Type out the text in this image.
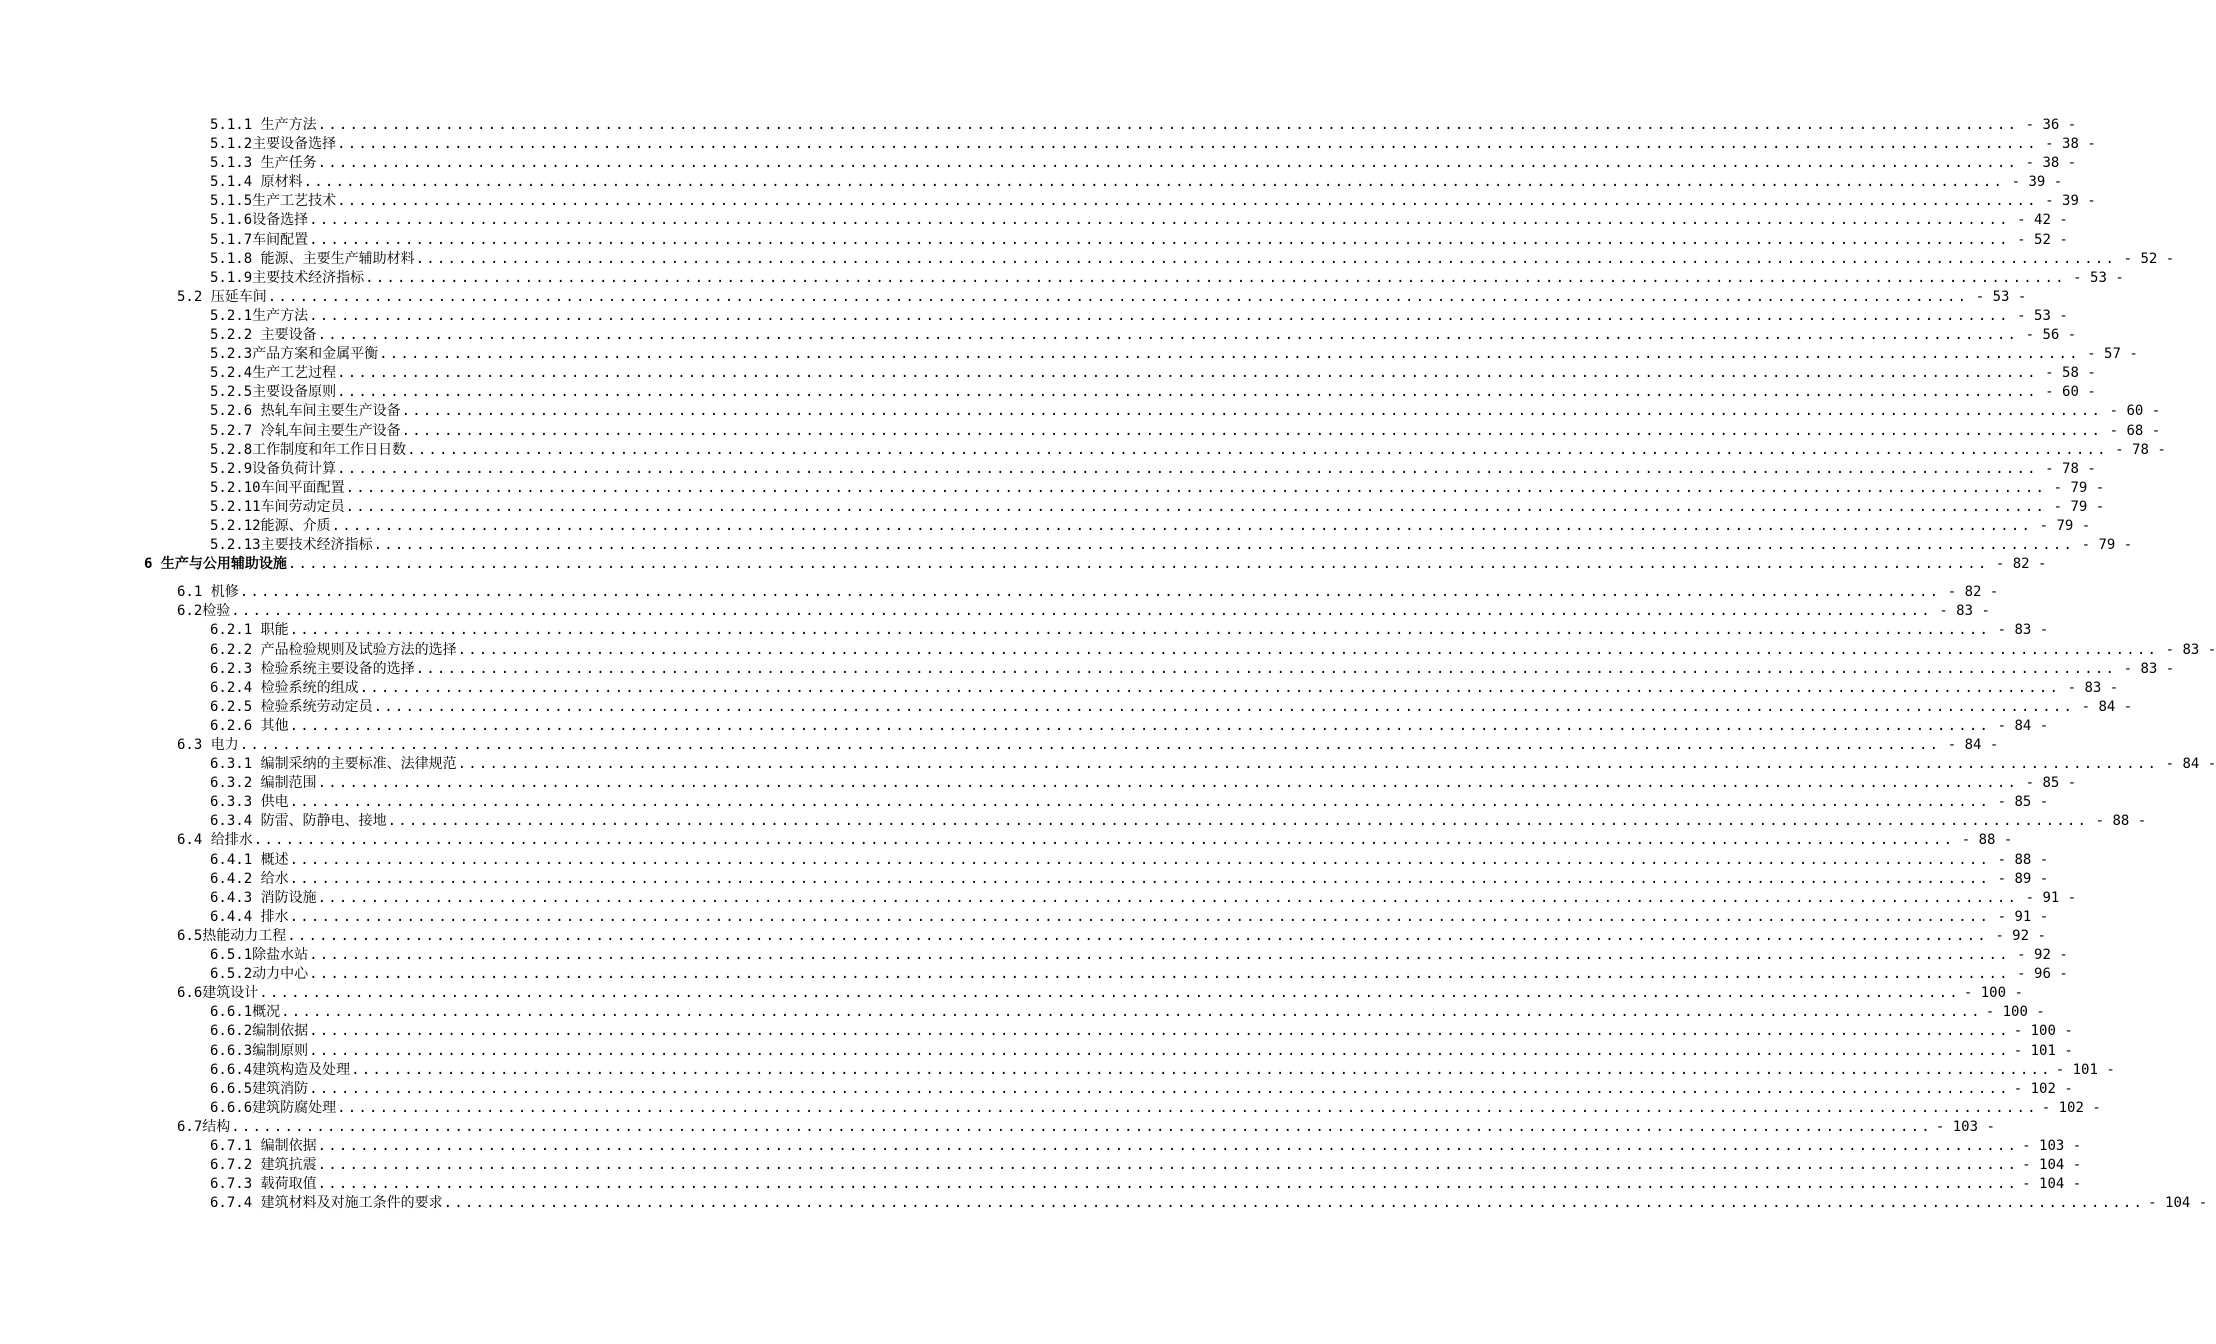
5.1.1 生产方法 ................................................................................................................................................................ - 36 -
5.1.2主要设备选择 ................................................................................................................................................................ - 38 -
5.1.3 生产任务 ................................................................................................................................................................ - 38 -
5.1.4 原材料 ................................................................................................................................................................ - 39 -
5.1.5生产工艺技术 ................................................................................................................................................................ - 39 -
5.1.6设备选择 ................................................................................................................................................................ - 42 -
5.1.7车间配置 ................................................................................................................................................................ - 52 -
5.1.8 能源、主要生产辅助材料 ................................................................................................................................................................ - 52 -
5.1.9主要技术经济指标 ................................................................................................................................................................ - 53 -
5.2 压延车间 ................................................................................................................................................................ - 53 -
5.2.1生产方法 ................................................................................................................................................................ - 53 -
5.2.2 主要设备 ................................................................................................................................................................ - 56 -
5.2.3产品方案和金属平衡 ................................................................................................................................................................ - 57 -
5.2.4生产工艺过程 ................................................................................................................................................................ - 58 -
5.2.5主要设备原则 ................................................................................................................................................................ - 60 -
5.2.6 热轧车间主要生产设备 ................................................................................................................................................................ - 60 -
5.2.7 冷轧车间主要生产设备 ................................................................................................................................................................ - 68 -
5.2.8工作制度和年工作日日数 ................................................................................................................................................................ - 78 -
5.2.9设备负荷计算 ................................................................................................................................................................ - 78 -
5.2.10车间平面配置 ................................................................................................................................................................ - 79 -
5.2.11车间劳动定员 ................................................................................................................................................................ - 79 -
5.2.12能源、介质 ................................................................................................................................................................ - 79 -
5.2.13主要技术经济指标 ................................................................................................................................................................ - 79 -
6 生产与公用辅助设施 ................................................................................................................................................................ - 82 -
6.1 机修 ................................................................................................................................................................ - 82 -
6.2检验 ................................................................................................................................................................ - 83 -
6.2.1 职能 ................................................................................................................................................................ - 83 -
6.2.2 产品检验规则及试验方法的选择 ................................................................................................................................................................ - 83 -
6.2.3 检验系统主要设备的选择 ................................................................................................................................................................ - 83 -
6.2.4 检验系统的组成 ................................................................................................................................................................ - 83 -
6.2.5 检验系统劳动定员 ................................................................................................................................................................ - 84 -
6.2.6 其他 ................................................................................................................................................................ - 84 -
6.3 电力 ................................................................................................................................................................ - 84 -
6.3.1 编制采纳的主要标准、法律规范 ................................................................................................................................................................ - 84 -
6.3.2 编制范围 ................................................................................................................................................................ - 85 -
6.3.3 供电 ................................................................................................................................................................ - 85 -
6.3.4 防雷、防静电、接地 ................................................................................................................................................................ - 88 -
6.4 给排水 ................................................................................................................................................................ - 88 -
6.4.1 概述 ................................................................................................................................................................ - 88 -
6.4.2 给水 ................................................................................................................................................................ - 89 -
6.4.3 消防设施 ................................................................................................................................................................ - 91 -
6.4.4 排水 ................................................................................................................................................................ - 91 -
6.5热能动力工程 ................................................................................................................................................................ - 92 -
6.5.1除盐水站 ................................................................................................................................................................ - 92 -
6.5.2动力中心 ................................................................................................................................................................ - 96 -
6.6建筑设计 ................................................................................................................................................................ - 100 -
6.6.1概况 ................................................................................................................................................................ - 100 -
6.6.2编制依据 ................................................................................................................................................................ - 100 -
6.6.3编制原则 ................................................................................................................................................................ - 101 -
6.6.4建筑构造及处理 ................................................................................................................................................................ - 101 -
6.6.5建筑消防 ................................................................................................................................................................ - 102 -
6.6.6建筑防腐处理 ................................................................................................................................................................ - 102 -
6.7结构 ................................................................................................................................................................ - 103 -
6.7.1 编制依据 ................................................................................................................................................................ - 103 -
6.7.2 建筑抗震 ................................................................................................................................................................ - 104 -
6.7.3 载荷取值 ................................................................................................................................................................ - 104 -
6.7.4 建筑材料及对施工条件的要求 ................................................................................................................................................................ - 104 -
